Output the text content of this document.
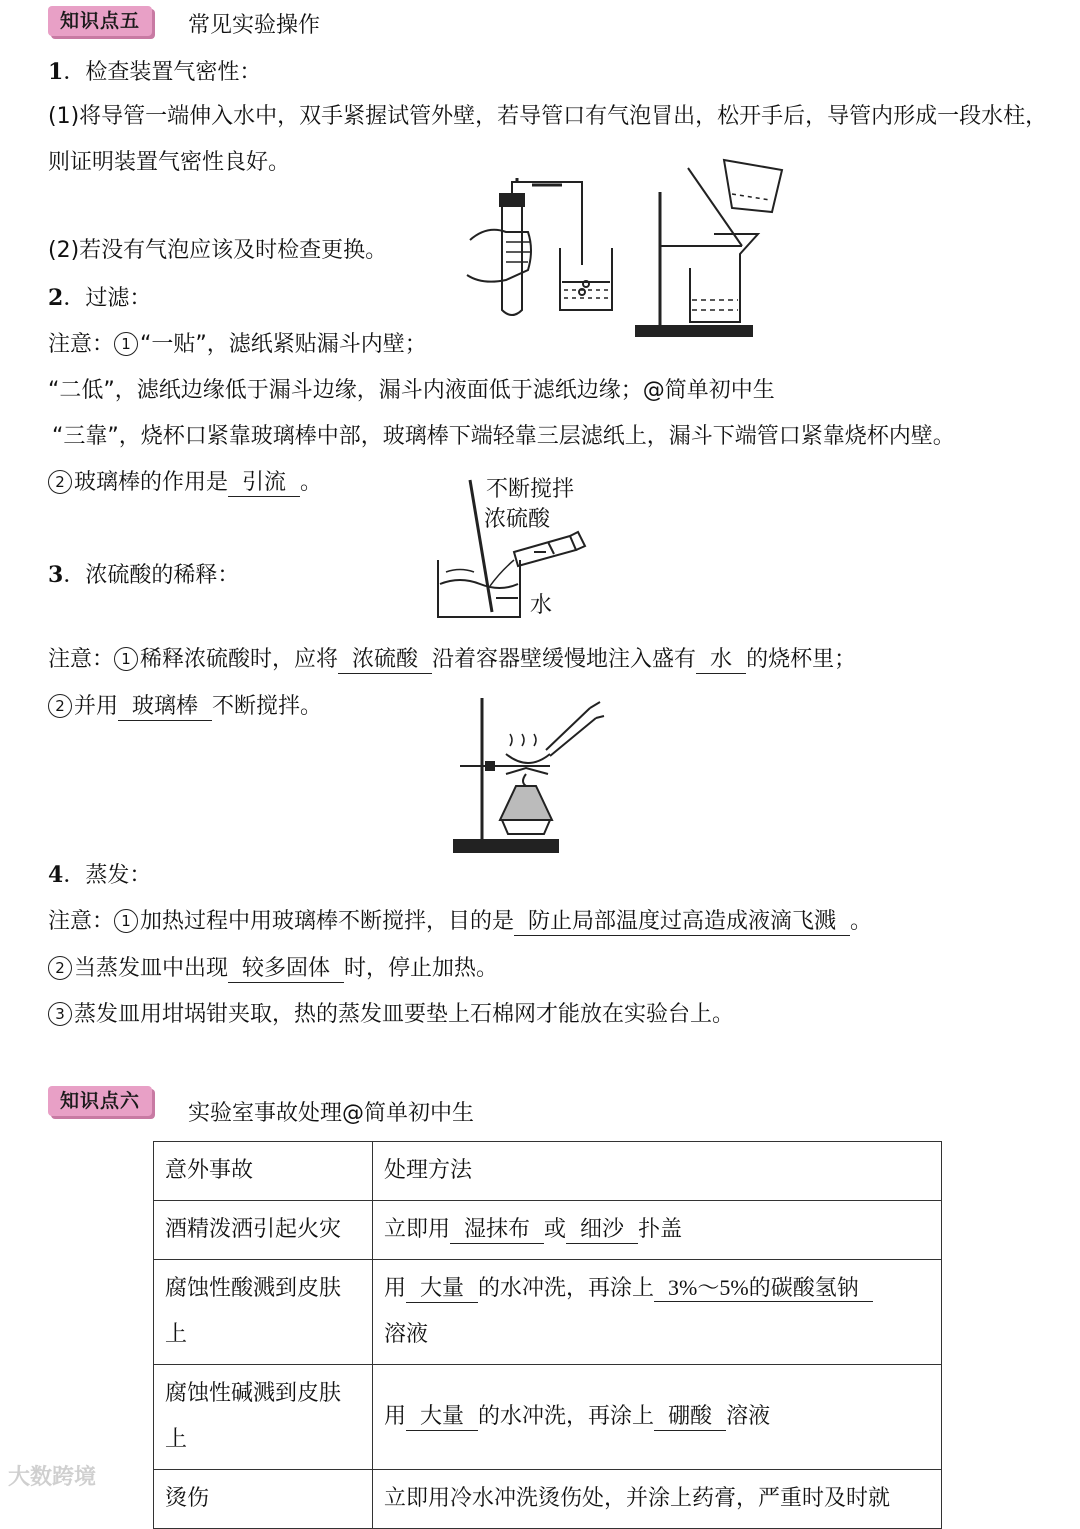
知识点五	常见实验操作
1．检查装置气密性：
(1)将导管一端伸入水中，双手紧握试管外壁，若导管口有气泡冒出，松开手后，导管内形成一段水柱，则证明装置气密性良好。
(2)若没有气泡应该及时检查更换。
2．过滤：
注意： 1 “一贴”，滤纸紧贴漏斗内壁；
“二低”，滤纸边缘低于漏斗边缘，漏斗内液面低于滤纸边缘；@简单初中生
“三靠”，烧杯口紧靠玻璃棒中部，玻璃棒下端轻靠三层滤纸上，漏斗下端管口紧靠烧杯内壁。
2 玻璃棒的作用是 引流 。	不断搅拌
浓硫酸
水
3．浓硫酸的稀释：
注意： 1 稀释浓硫酸时，应将 浓硫酸 沿着容器壁缓慢地注入盛有 水 的烧杯里；
2 并用 玻璃棒 不断搅拌。
4．蒸发：
注意： 1 加热过程中用玻璃棒不断搅拌，目的是 防止局部温度过高造成液滴飞溅 。
2 当蒸发皿中出现 较多固体 时，停止加热。
3 蒸发皿用坩埚钳夹取，热的蒸发皿要垫上石棉网才能放在实验台上。
知识点六	实验室事故处理@简单初中生
意外事故	处理方法
酒精泼洒引起火灾	立即用 湿抹布 或 细沙 扑盖
腐蚀性酸溅到皮肤上	用 大量 的水冲洗，再涂上 3%～5%的碳酸氢钠
溶液
腐蚀性碱溅到皮肤上	用 大量 的水冲洗，再涂上 硼酸 溶液
烫伤	立即用冷水冲洗烫伤处，并涂上药膏，严重时及时就
大数跨境
